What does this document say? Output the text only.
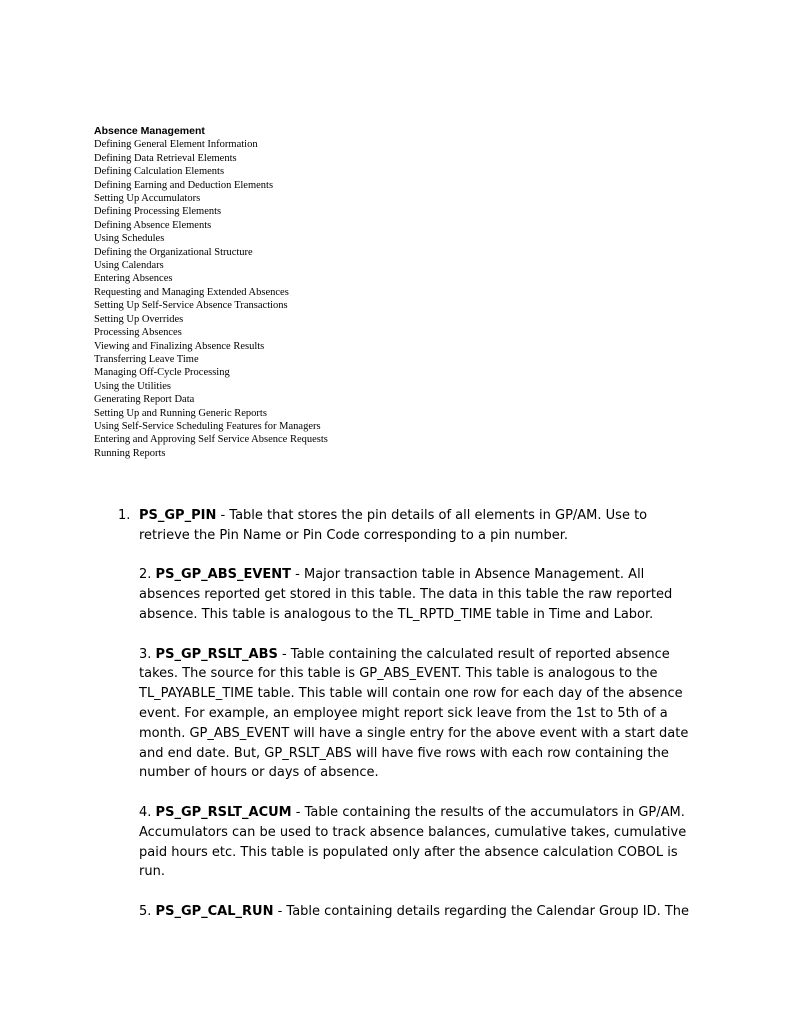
Absence Management
Defining General Element Information
Defining Data Retrieval Elements
Defining Calculation Elements
Defining Earning and Deduction Elements
Setting Up Accumulators
Defining Processing Elements
Defining Absence Elements
Using Schedules
Defining the Organizational Structure
Using Calendars
Entering Absences
Requesting and Managing Extended Absences
Setting Up Self-Service Absence Transactions
Setting Up Overrides
Processing Absences
Viewing and Finalizing Absence Results
Transferring Leave Time
Managing Off-Cycle Processing
Using the Utilities
Generating Report Data
Setting Up and Running Generic Reports
Using Self-Service Scheduling Features for Managers
Entering and Approving Self Service Absence Requests
Running Reports

1. PS_GP_PIN - Table that stores the pin details of all elements in GP/AM. Use to retrieve the Pin Name or Pin Code corresponding to a pin number.

2. PS_GP_ABS_EVENT - Major transaction table in Absence Management. All absences reported get stored in this table. The data in this table the raw reported absence. This table is analogous to the TL_RPTD_TIME table in Time and Labor.

3. PS_GP_RSLT_ABS - Table containing the calculated result of reported absence takes. The source for this table is GP_ABS_EVENT. This table is analogous to the TL_PAYABLE_TIME table. This table will contain one row for each day of the absence event. For example, an employee might report sick leave from the 1st to 5th of a month. GP_ABS_EVENT will have a single entry for the above event with a start date and end date. But, GP_RSLT_ABS will have five rows with each row containing the number of hours or days of absence.

4. PS_GP_RSLT_ACUM - Table containing the results of the accumulators in GP/AM. Accumulators can be used to track absence balances, cumulative takes, cumulative paid hours etc. This table is populated only after the absence calculation COBOL is run.

5. PS_GP_CAL_RUN - Table containing details regarding the Calendar Group ID. The
